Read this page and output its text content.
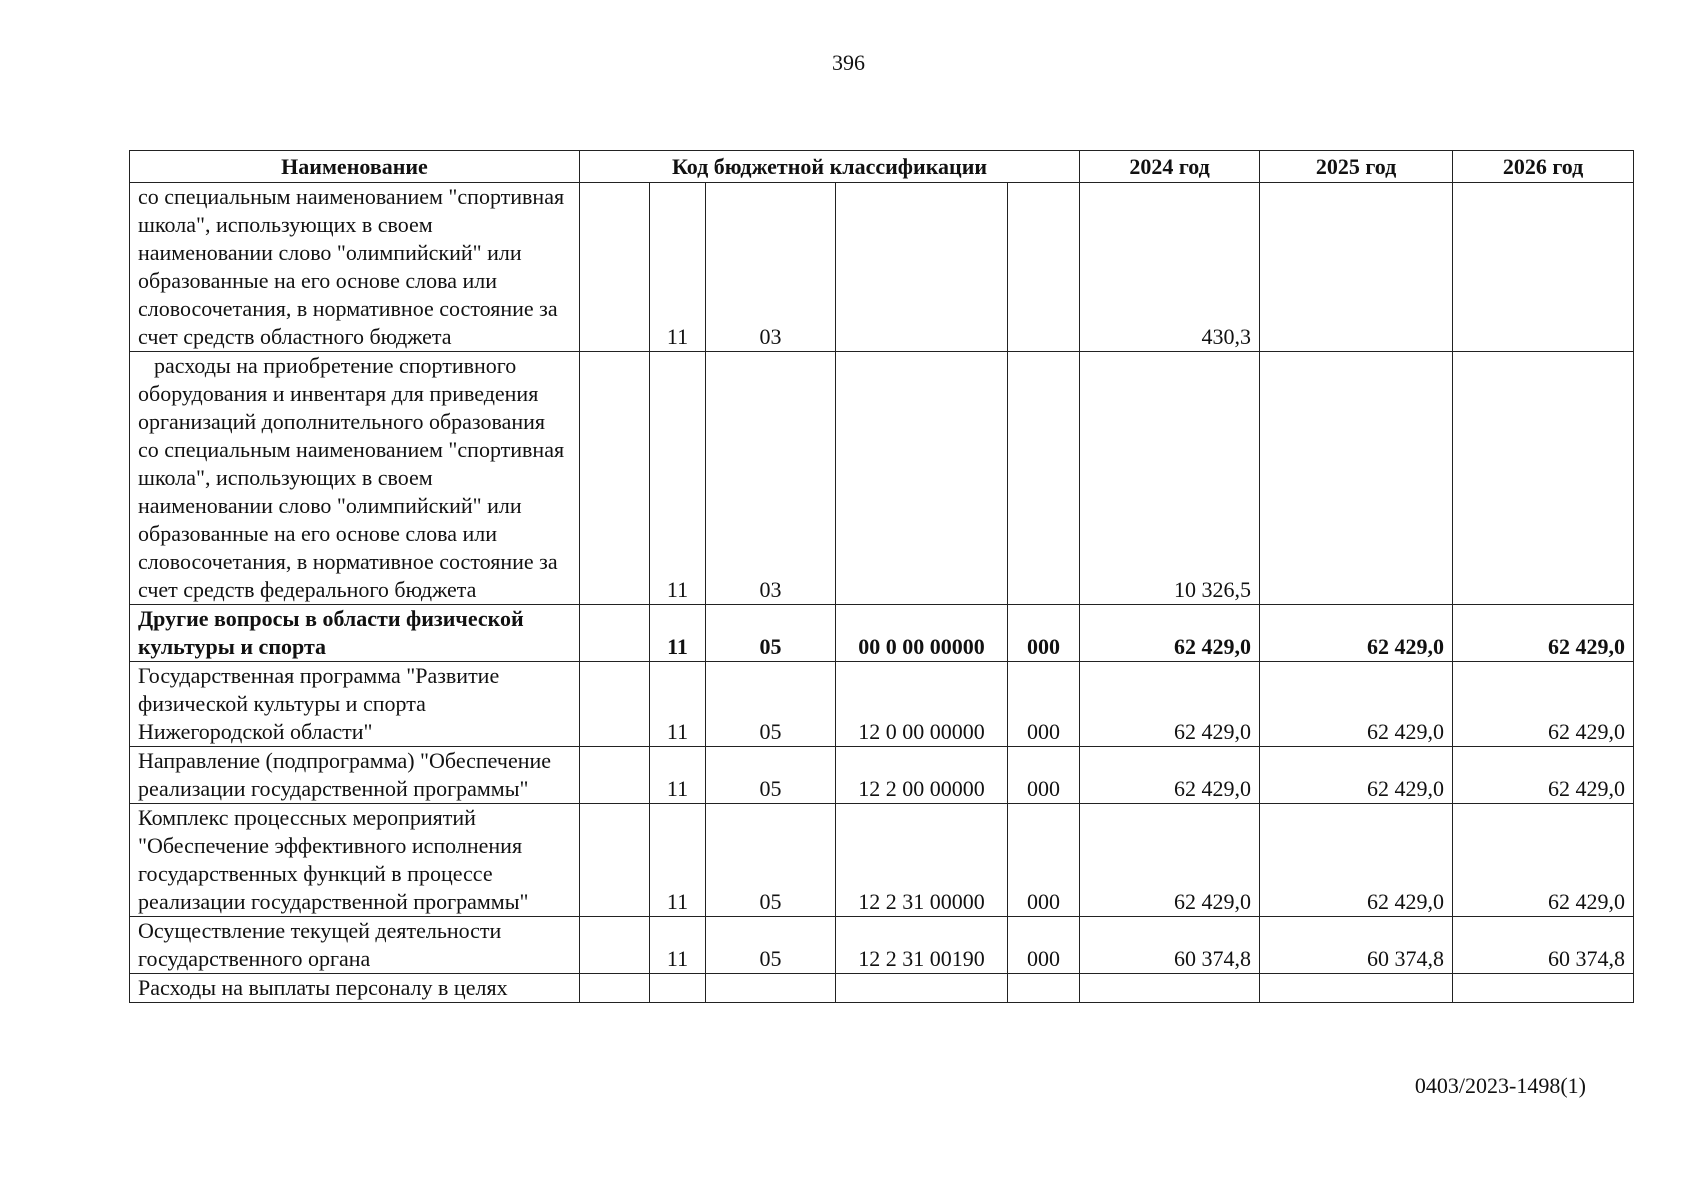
396
Наименование	Код бюджетной классификации					2024 год	2025 год	2026 год
со специальным наименованием "спортивная школа", использующих в своем наименовании слово "олимпийский" или образованные на его основе слова или словосочетания, в нормативное состояние за счет средств областного бюджета		11	03			430,3		
расходы на приобретение спортивного оборудования и инвентаря для приведения организаций дополнительного образования со специальным наименованием "спортивная школа", использующих в своем наименовании слово "олимпийский" или образованные на его основе слова или словосочетания, в нормативное состояние за счет средств федерального бюджета		11	03			10 326,5		
Другие вопросы в области физической культуры и спорта		11	05	00 0 00 00000	000	62 429,0	62 429,0	62 429,0
Государственная программа "Развитие физической культуры и спорта Нижегородской области"		11	05	12 0 00 00000	000	62 429,0	62 429,0	62 429,0
Направление (подпрограмма) "Обеспечение реализации государственной программы"		11	05	12 2 00 00000	000	62 429,0	62 429,0	62 429,0
Комплекс процессных мероприятий "Обеспечение эффективного исполнения государственных функций в процессе реализации государственной программы"		11	05	12 2 31 00000	000	62 429,0	62 429,0	62 429,0
Осуществление текущей деятельности государственного органа		11	05	12 2 31 00190	000	60 374,8	60 374,8	60 374,8
Расходы на выплаты персоналу в целях								
0403/2023-1498(1)
